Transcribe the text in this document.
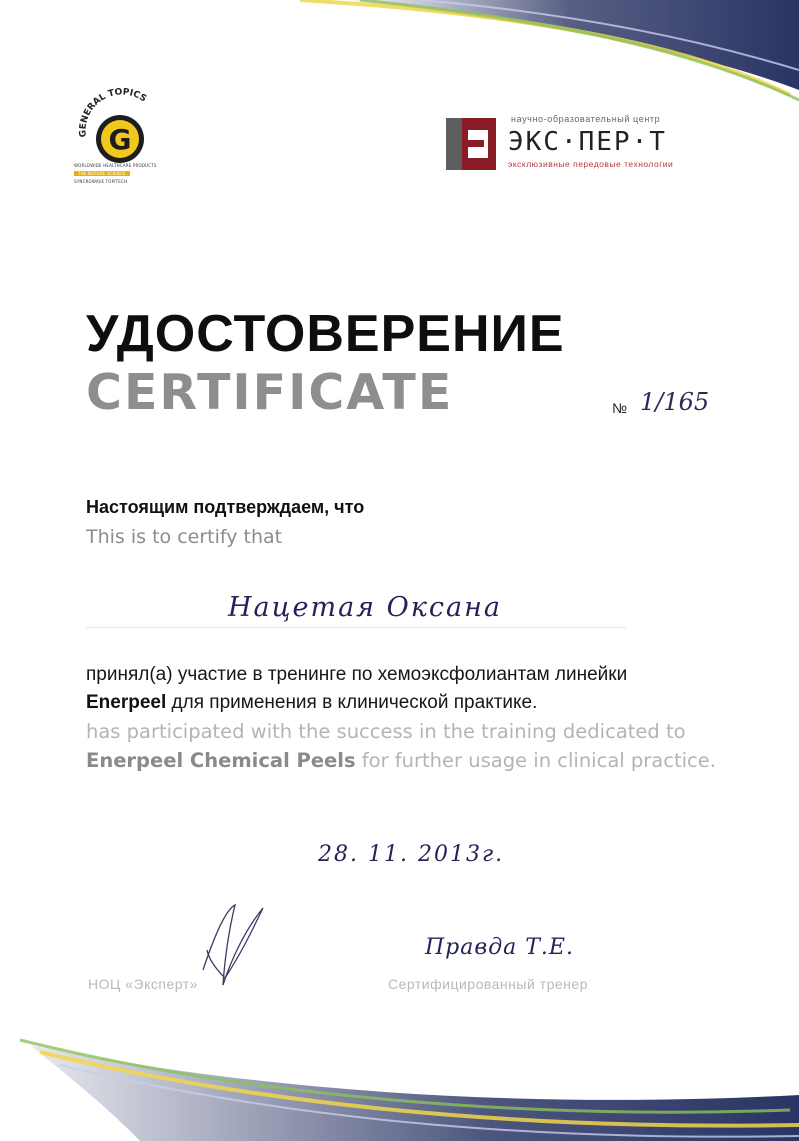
GENERAL TOPICS
G
WORLDWIDE HEALTHCARE PRODUCTS
THE NATURE SCIENCE
SYNCROWAVE TOPITECH
научно-образовательный центр
ЭКС·ПЕР·Т
эксклюзивные передовые технологии
УДОСТОВЕРЕНИЕ
CERTIFICATE	№ 1/165
Настоящим подтверждаем, что
This is to certify that
Нацетая Оксана
принял(а) участие в тренинге по хемоэксфолиантам линейки
Enerpeel для применения в клинической практике.
has participated with the success in the training dedicated to
Enerpeel Chemical Peels for further usage in clinical practice.
28. 11. 2013г.
Правда Т.Е.
НОЦ «Эксперт»	Сертифицированный тренер
